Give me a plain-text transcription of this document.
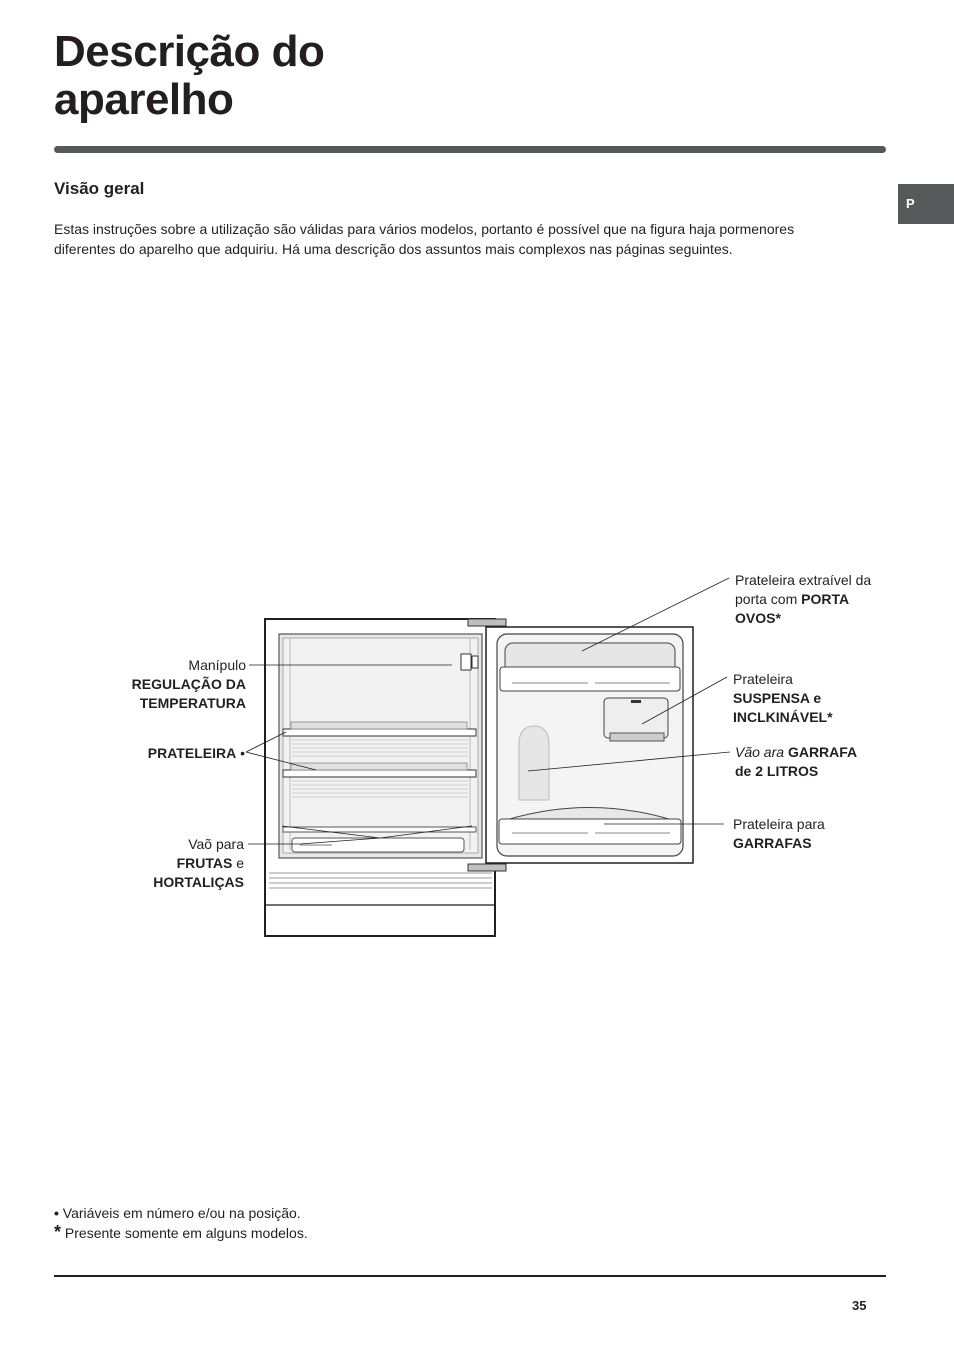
Descrição do
aparelho
P
Visão geral

Estas instruções sobre a utilização são válidas para vários modelos, portanto é possível que na figura haja pormenores diferentes do aparelho que adquiriu. Há uma descrição dos assuntos mais complexos nas páginas seguintes.

Manípulo
REGULAÇÃO DA
TEMPERATURA
PRATELEIRA •
Vaõ para
FRUTAS e
HORTALIÇAS
Prateleira extraível da
porta com PORTA
OVOS*
Prateleira
SUSPENSA e
INCLKINÁVEL*
Vão ara GARRAFA
de 2 LITROS
Prateleira para
GARRAFAS
• Variáveis em número e/ou na posição.
* Presente somente em alguns modelos.
35
